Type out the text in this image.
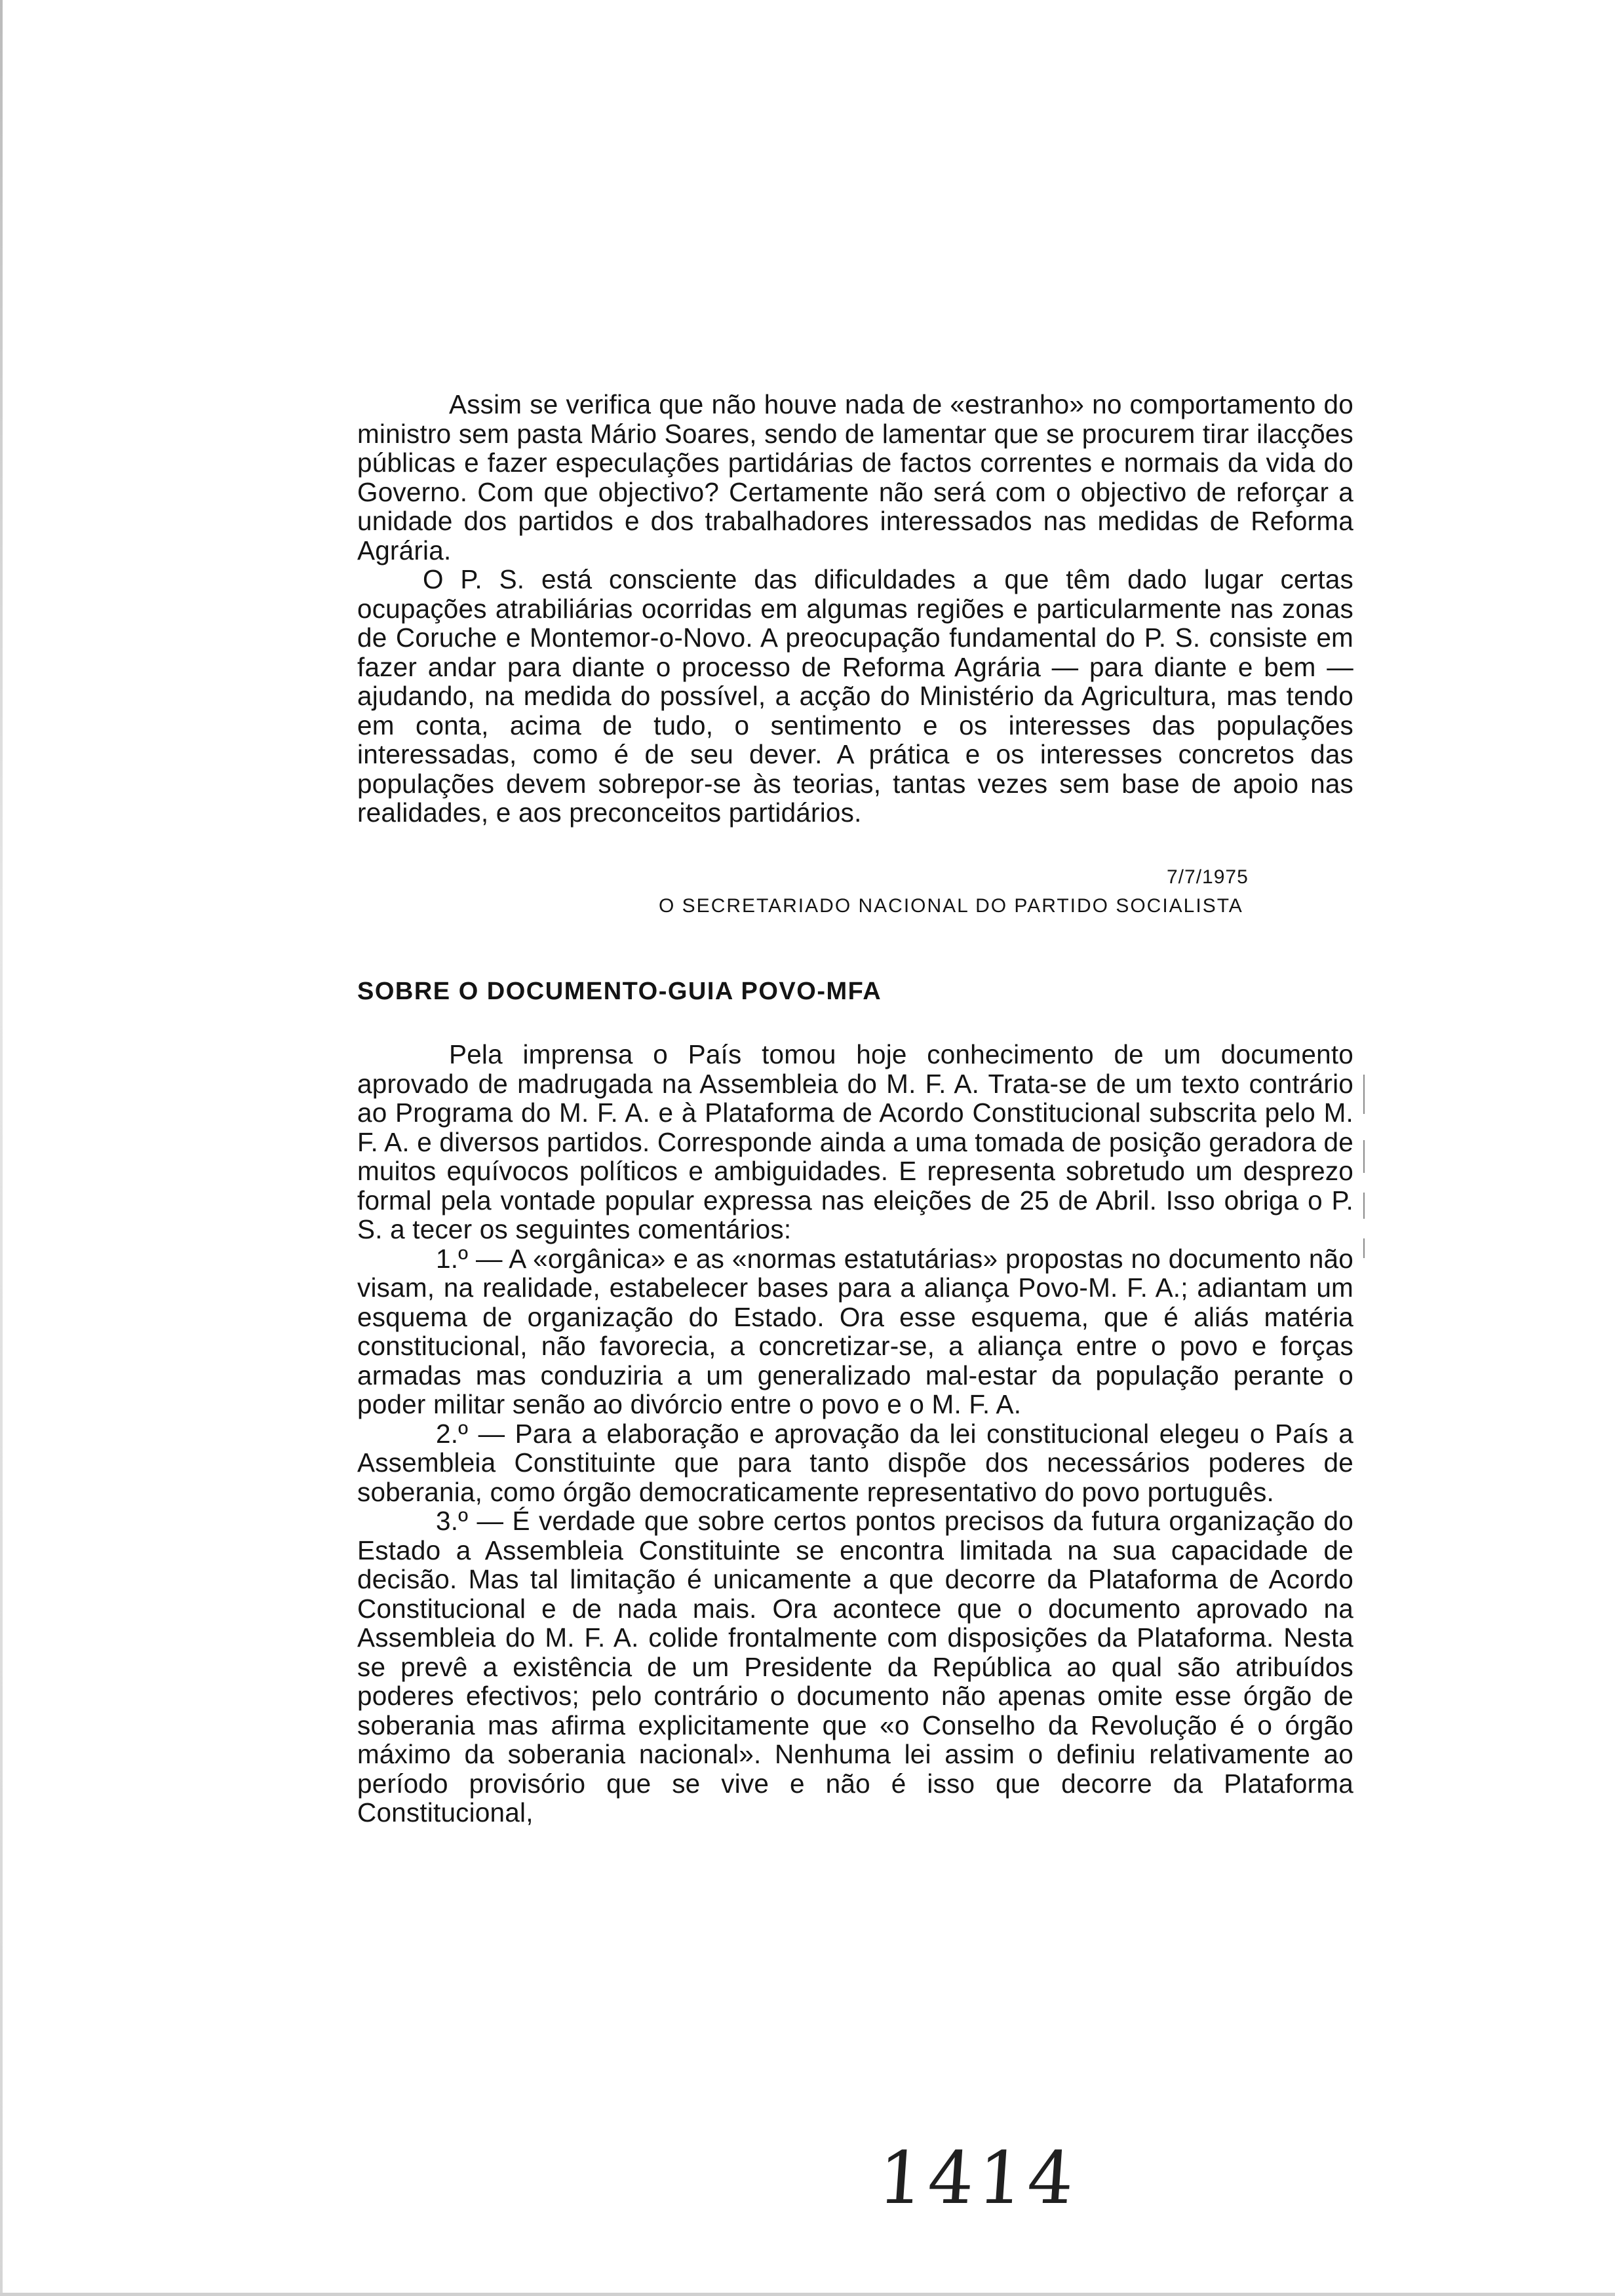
Assim se verifica que não houve nada de «estranho» no comportamento do ministro sem pasta Mário Soares, sendo de lamentar que se procurem tirar ilacções públicas e fazer especulações partidárias de factos correntes e normais da vida do Governo. Com que objectivo? Certamente não será com o objectivo de reforçar a unidade dos partidos e dos trabalhadores interessados nas medidas de Reforma Agrária.

O P. S. está consciente das dificuldades a que têm dado lugar certas ocupações atrabiliárias ocorridas em algumas regiões e particularmente nas zonas de Coruche e Montemor-o-Novo. A preocupação fundamental do P. S. consiste em fazer andar para diante o processo de Reforma Agrária — para diante e bem — ajudando, na medida do possível, a acção do Ministério da Agricultura, mas tendo em conta, acima de tudo, o sentimento e os interesses das populações interessadas, como é de seu dever. A prática e os interesses concretos das populações devem sobrepor-se às teorias, tantas vezes sem base de apoio nas realidades, e aos preconceitos partidários.

7/7/1975
O SECRETARIADO NACIONAL DO PARTIDO SOCIALISTA
SOBRE O DOCUMENTO-GUIA POVO-MFA

Pela imprensa o País tomou hoje conhecimento de um documento aprovado de madrugada na Assembleia do M. F. A. Trata-se de um texto contrário ao Programa do M. F. A. e à Plataforma de Acordo Constitucional subscrita pelo M. F. A. e diversos partidos. Corresponde ainda a uma tomada de posição geradora de muitos equívocos políticos e ambiguidades. E representa sobretudo um desprezo formal pela vontade popular expressa nas eleições de 25 de Abril. Isso obriga o P. S. a tecer os seguintes comentários:

1.º — A «orgânica» e as «normas estatutárias» propostas no documento não visam, na realidade, estabelecer bases para a aliança Povo-M. F. A.; adiantam um esquema de organização do Estado. Ora esse esquema, que é aliás matéria constitucional, não favorecia, a concretizar-se, a aliança entre o povo e forças armadas mas conduziria a um generalizado mal-estar da população perante o poder militar senão ao divórcio entre o povo e o M. F. A.

2.º — Para a elaboração e aprovação da lei constitucional elegeu o País a Assembleia Constituinte que para tanto dispõe dos necessários poderes de soberania, como órgão democraticamente representativo do povo português.

3.º — É verdade que sobre certos pontos precisos da futura organização do Estado a Assembleia Constituinte se encontra limitada na sua capacidade de decisão. Mas tal limitação é unicamente a que decorre da Plataforma de Acordo Constitucional e de nada mais. Ora acontece que o documento aprovado na Assembleia do M. F. A. colide frontalmente com disposições da Plataforma. Nesta se prevê a existência de um Presidente da República ao qual são atribuídos poderes efectivos; pelo contrário o documento não apenas omite esse órgão de soberania mas afirma explicitamente que «o Conselho da Revolução é o órgão máximo da soberania nacional». Nenhuma lei assim o definiu relativamente ao período provisório que se vive e não é isso que decorre da Plataforma Constitucional,

1414
